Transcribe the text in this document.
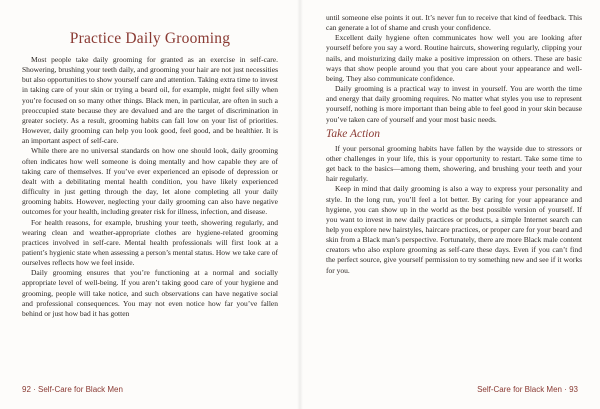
Practice Daily Grooming

Most people take daily grooming for granted as an exercise in self-care. Showering, brushing your teeth daily, and grooming your hair are not just necessities but also opportunities to show yourself care and attention. Taking extra time to invest in taking care of your skin or trying a beard oil, for example, might feel silly when you’re focused on so many other things. Black men, in particular, are often in such a preoccupied state because they are devalued and are the target of discrimination in greater society. As a result, grooming habits can fall low on your list of priorities. However, daily grooming can help you look good, feel good, and be healthier. It is an important aspect of self-care.

While there are no universal standards on how one should look, daily grooming often indicates how well someone is doing mentally and how capable they are of taking care of themselves. If you’ve ever experienced an episode of depression or dealt with a debilitating mental health condition, you have likely experienced difficulty in just getting through the day, let alone completing all your daily grooming habits. However, neglecting your daily grooming can also have negative outcomes for your health, including greater risk for illness, infection, and disease.

For health reasons, for example, brushing your teeth, showering regularly, and wearing clean and weather-appropriate clothes are hygiene-related grooming practices involved in self-care. Mental health professionals will first look at a patient’s hygienic state when assessing a person’s mental status. How we take care of ourselves reflects how we feel inside.

Daily grooming ensures that you’re functioning at a normal and socially appropriate level of well-being. If you aren’t taking good care of your hygiene and grooming, people will take notice, and such observations can have negative social and professional consequences. You may not even notice how far you’ve fallen behind or just how bad it has gotten

92 · Self-Care for Black Men

until someone else points it out. It’s never fun to receive that kind of feedback. This can generate a lot of shame and crush your confidence.

Excellent daily hygiene often communicates how well you are looking after yourself before you say a word. Routine haircuts, showering regularly, clipping your nails, and moisturizing daily make a positive impression on others. These are basic ways that show people around you that you care about your appearance and well-being. They also communicate confidence.

Daily grooming is a practical way to invest in yourself. You are worth the time and energy that daily grooming requires. No matter what styles you use to represent yourself, nothing is more important than being able to feel good in your skin because you’ve taken care of yourself and your most basic needs.

Take Action

If your personal grooming habits have fallen by the wayside due to stressors or other challenges in your life, this is your opportunity to restart. Take some time to get back to the basics—among them, showering, and brushing your teeth and your hair regularly.

Keep in mind that daily grooming is also a way to express your personality and style. In the long run, you’ll feel a lot better. By caring for your appearance and hygiene, you can show up in the world as the best possible version of yourself. If you want to invest in new daily practices or products, a simple Internet search can help you explore new hairstyles, haircare practices, or proper care for your beard and skin from a Black man’s perspective. Fortunately, there are more Black male content creators who also explore grooming as self-care these days. Even if you can’t find the perfect source, give yourself permission to try something new and see if it works for you.

Self-Care for Black Men · 93
